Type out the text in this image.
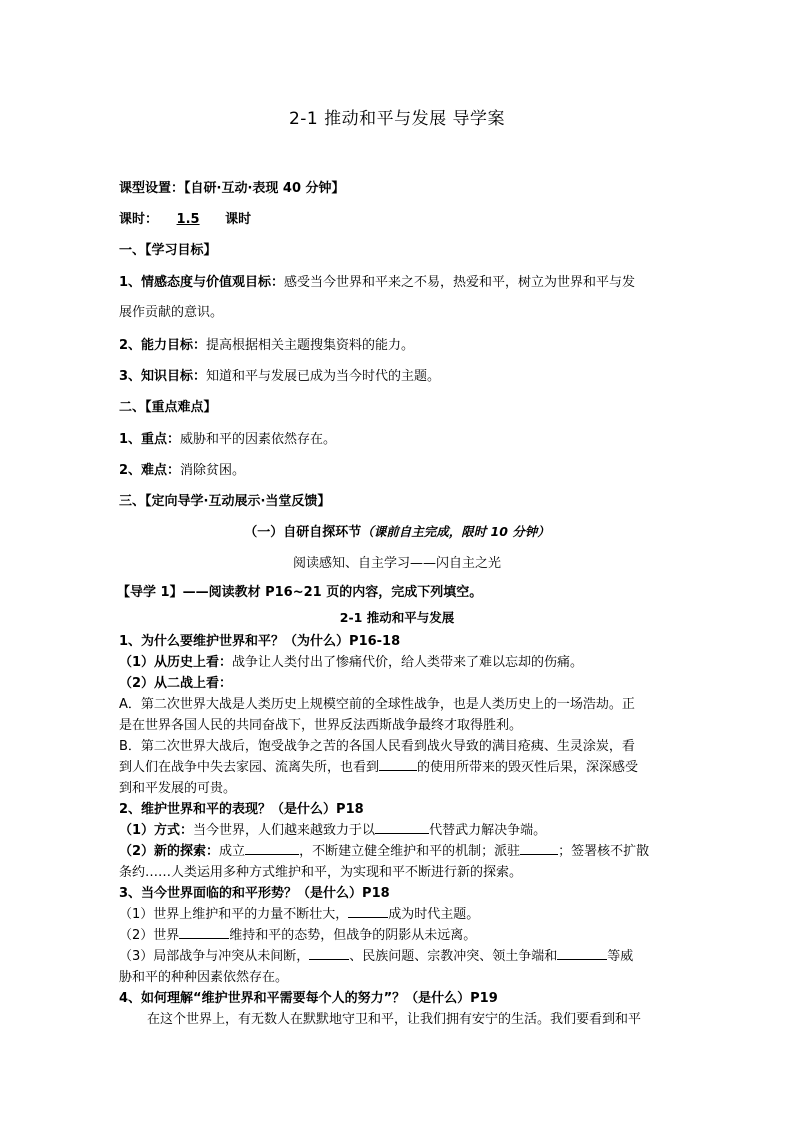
2-1 推动和平与发展 导学案
课型设置：【自研·互动·表现 40 分钟】
课时： 1.5 课时
一、【学习目标】
1、情感态度与价值观目标：感受当今世界和平来之不易，热爱和平，树立为世界和平与发
展作贡献的意识。
2、能力目标：提高根据相关主题搜集资料的能力。
3、知识目标：知道和平与发展已成为当今时代的主题。
二、【重点难点】
1、重点：威胁和平的因素依然存在。
2、难点：消除贫困。
三、【定向导学·互动展示·当堂反馈】
（一）自研自探环节（课前自主完成，限时 10 分钟）
阅读感知、自主学习——闪自主之光
【导学 1】——阅读教材 P16~21 页的内容，完成下列填空。
2-1 推动和平与发展
1、为什么要维护世界和平？（为什么）P16-18
（1）从历史上看：战争让人类付出了惨痛代价，给人类带来了难以忘却的伤痛。
（2）从二战上看：
A．第二次世界大战是人类历史上规模空前的全球性战争，也是人类历史上的一场浩劫。正
是在世界各国人民的共同奋战下，世界反法西斯战争最终才取得胜利。
B．第二次世界大战后，饱受战争之苦的各国人民看到战火导致的满目疮痍、生灵涂炭，看
到人们在战争中失去家园、流离失所，也看到	的使用所带来的毁灭性后果，深深感受
到和平发展的可贵。
2、维护世界和平的表现？（是什么）P18
（1）方式：当今世界，人们越来越致力于以	代替武力解决争端。
（2）新的探索：成立	，不断建立健全维护和平的机制；派驻	；签署核不扩散
条约……人类运用多种方式维护和平，为实现和平不断进行新的探索。
3、当今世界面临的和平形势？（是什么）P18
（1）世界上维护和平的力量不断壮大，	成为时代主题。
（2）世界	维持和平的态势，但战争的阴影从未远离。
（3）局部战争与冲突从未间断，	、民族问题、宗教冲突、领土争端和	等威
胁和平的种种因素依然存在。
4、如何理解“维护世界和平需要每个人的努力”？（是什么）P19
在这个世界上，有无数人在默默地守卫和平，让我们拥有安宁的生活。我们要看到和平
